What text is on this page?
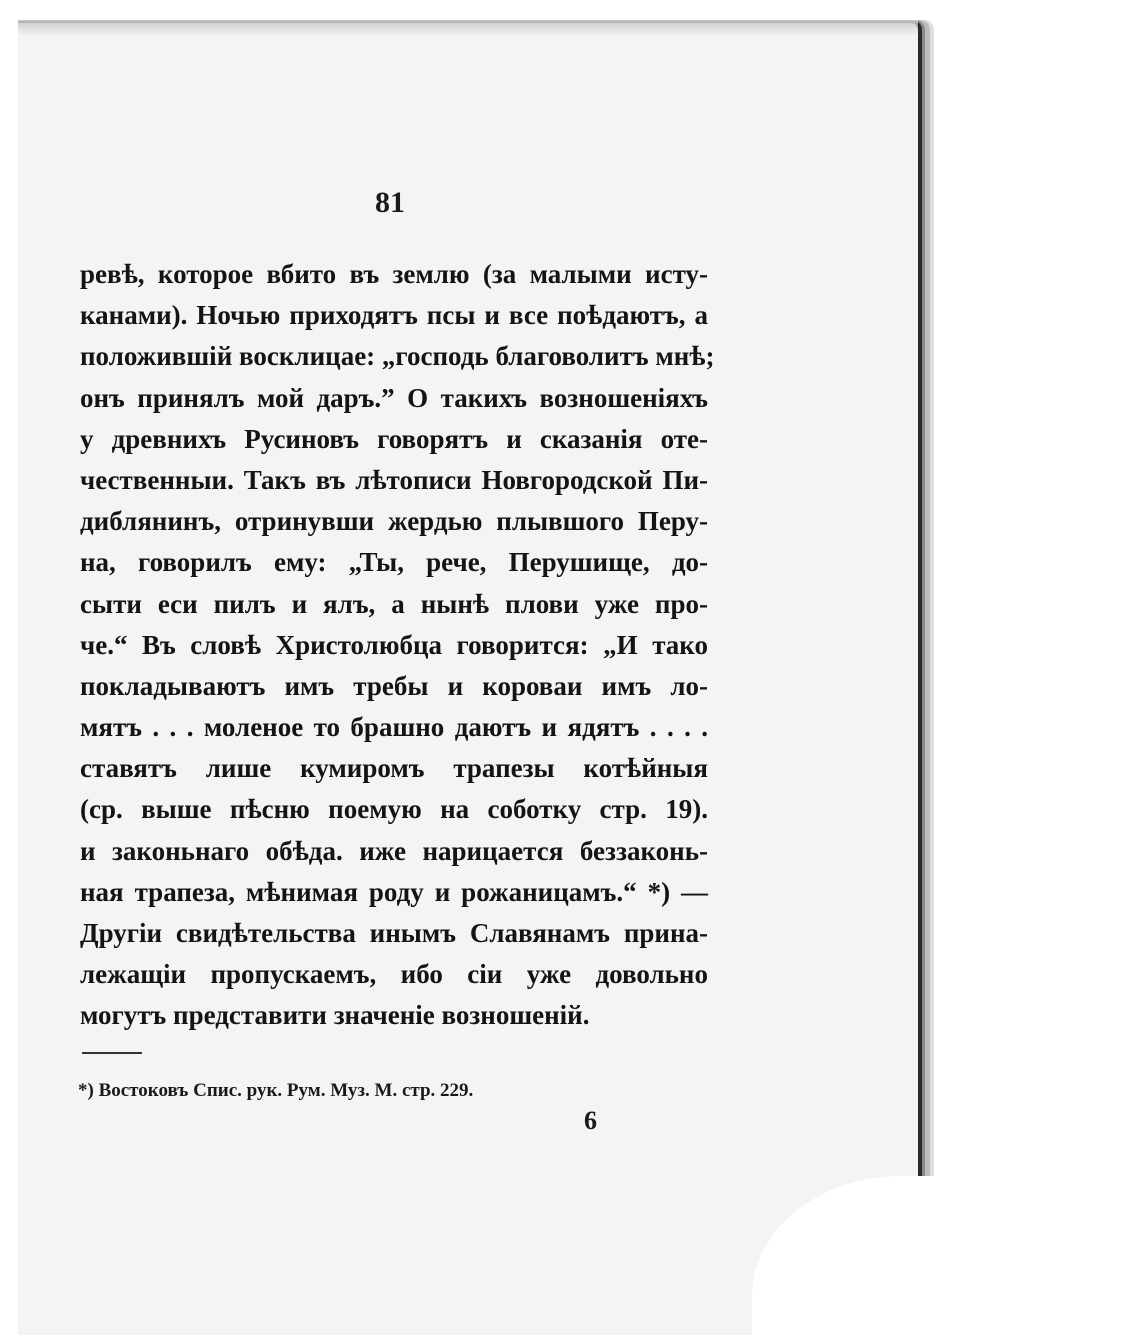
81

ревѣ, которое вбито въ землю (за малыми исту-
канами). Ночью приходятъ псы и все поѣдаютъ, а
положившій восклицае: „господь благоволитъ мнѣ;
онъ принялъ мой даръ.” О такихъ возношеніяхъ
у древнихъ Русиновъ говорятъ и сказанія оте-
чественныи. Такъ въ лѣтописи Новгородской Пи-
диблянинъ, отринувши жердью плывшого Перу-
на, говорилъ ему: „Ты, рече, Перушище, до-
сыти еси пилъ и ялъ, а нынѣ плови уже про-
че.“ Въ словѣ Христолюбца говорится: „И тако
покладываютъ имъ требы и короваи имъ ло-
мятъ . . . моленое то брашно даютъ и ядятъ . . . .
ставятъ лише кумиромъ трапезы котѣйныя
(ср. выше пѣсню поемую на соботку стр. 19).
и законьнаго обѣда. иже нарицается беззаконь-
ная трапеза, мѣнимая роду и рожаницамъ.“ *) —
Другіи свидѣтельства инымъ Славянамъ прина-
лежащіи пропускаемъ, ибо сіи уже довольно
могутъ представити значеніе возношеній.
*) Востоковъ Спис. рук. Рум. Муз. М. стр. 229.
6
